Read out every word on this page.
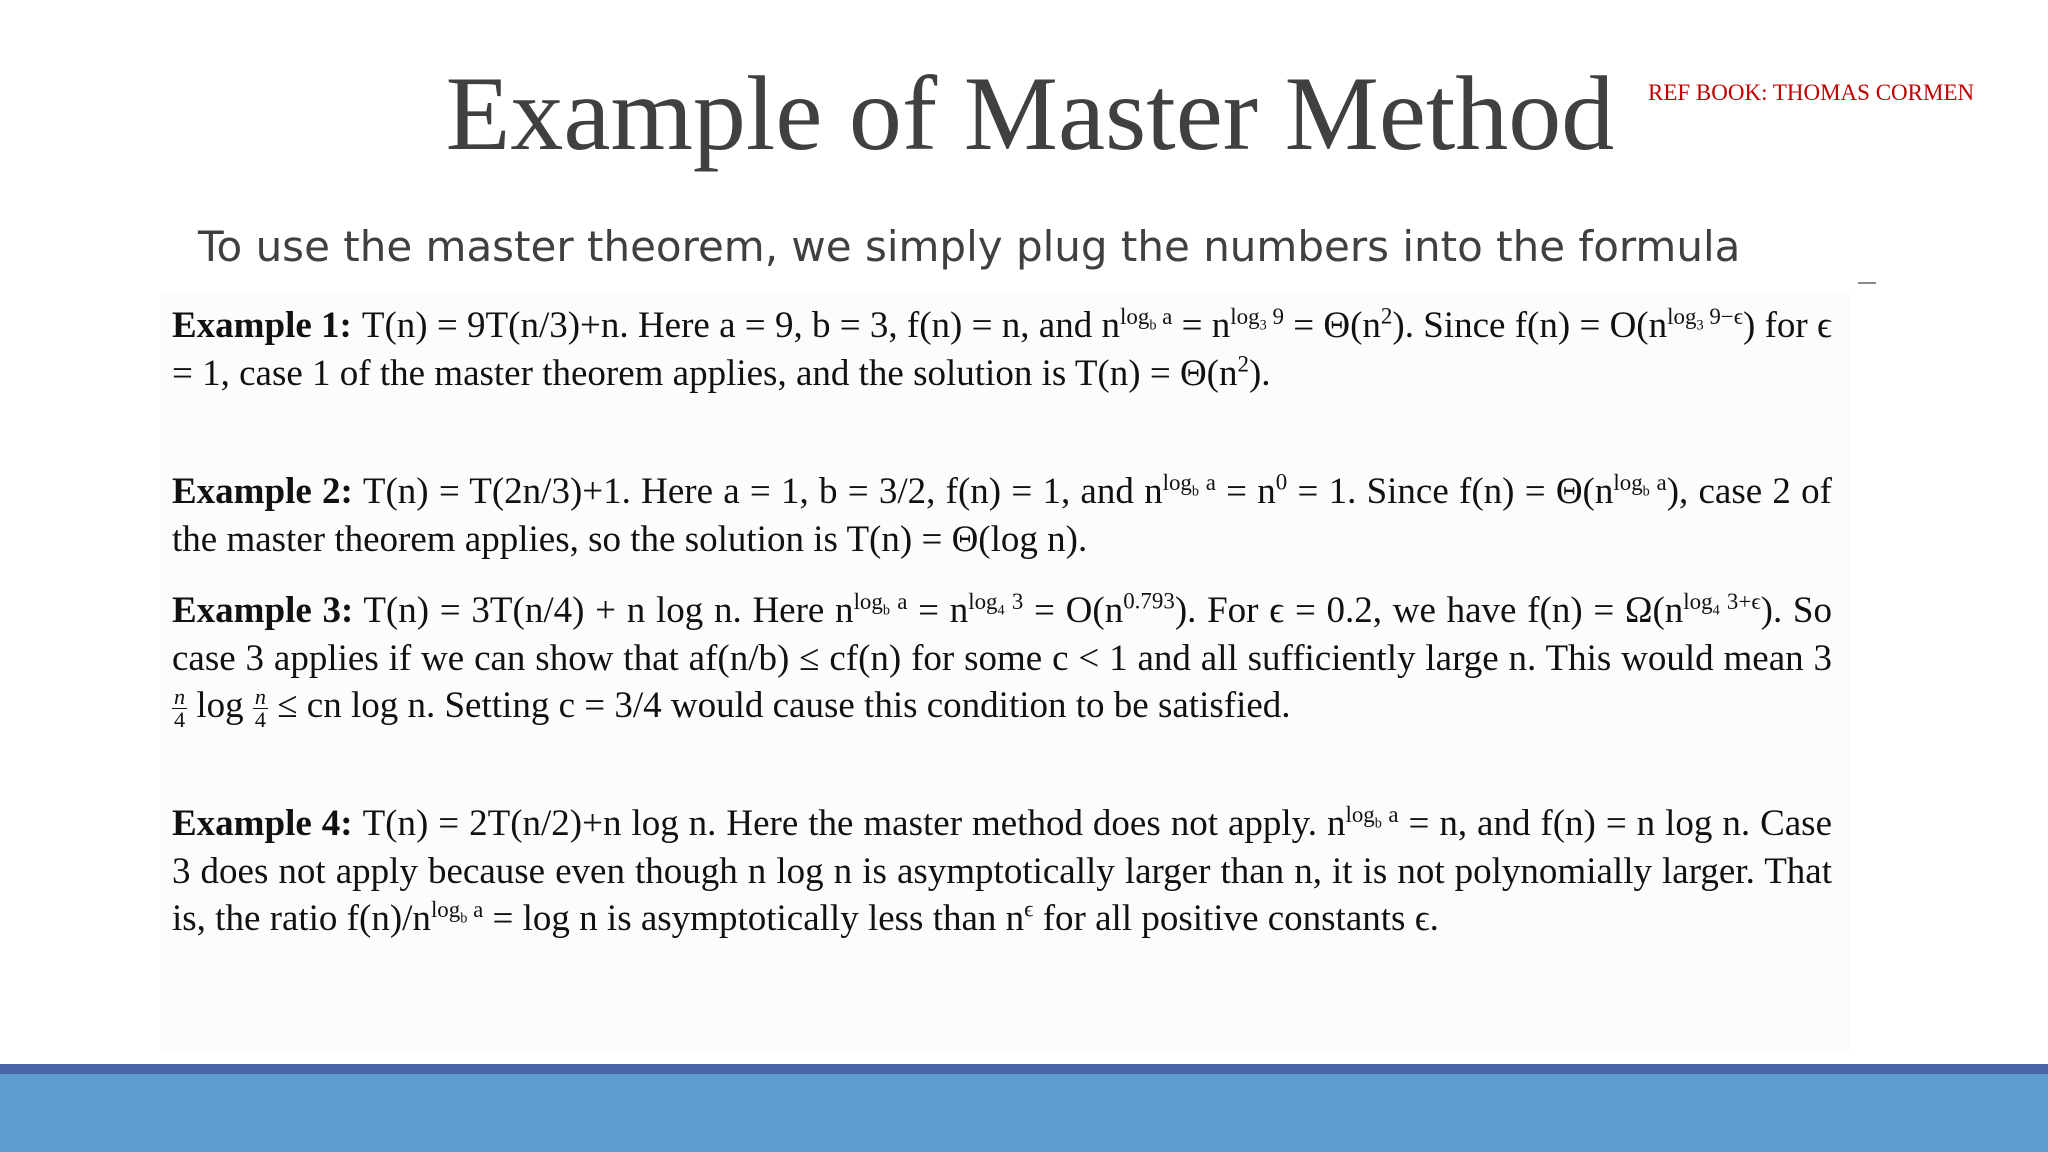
Example of Master Method	REF BOOK: THOMAS CORMEN
To use the master theorem, we simply plug the numbers into the formula
Example 1: T(n) = 9T(n/3)+n. Here a = 9, b = 3, f(n) = n, and $n^{log_b a} = n^{log_3 9} = \Theta(n^2)$. Since $f(n) = O(n^{log_3 9-\epsilon})$ for ϵ = 1, case 1 of the master theorem applies, and the solution is $T(n) = \Theta(n^2)$.
Example 2: T(n) = T(2n/3)+1. Here a = 1, b = 3/2, f(n) = 1, and $n^{log_b a} = n^0 = 1$. Since $f(n) = \Theta(n^{log_b a})$, case 2 of the master theorem applies, so the solution is T(n) = Θ(log n).
Example 3: T(n) = 3T(n/4) + n log n. Here $n^{log_b a} = n^{log_4 3} = O(n^{0.793})$. For ϵ = 0.2, we have $f(n) = \Omega(n^{log_4 3+\epsilon})$. So case 3 applies if we can show that af(n/b) ≤ cf(n) for some c < 1 and all sufficiently large n. This would mean 3
$\frac{n}{4}$ $\log \frac{n}{4}$ ≤ cn log n. Setting c = 3/4 would cause this condition to be satisfied.
Example 4: T(n) = 2T(n/2)+n log n. Here the master method does not apply. $n^{log_b a} = n$, and f(n) = n log n. Case 3 does not apply because even though n log n is asymptotically larger than n, it is not polynomially larger. That is, the ratio $f(n)/n^{log_b a} = \log n$ is asymptotically less than $n^\epsilon$ for all positive constants ϵ.
